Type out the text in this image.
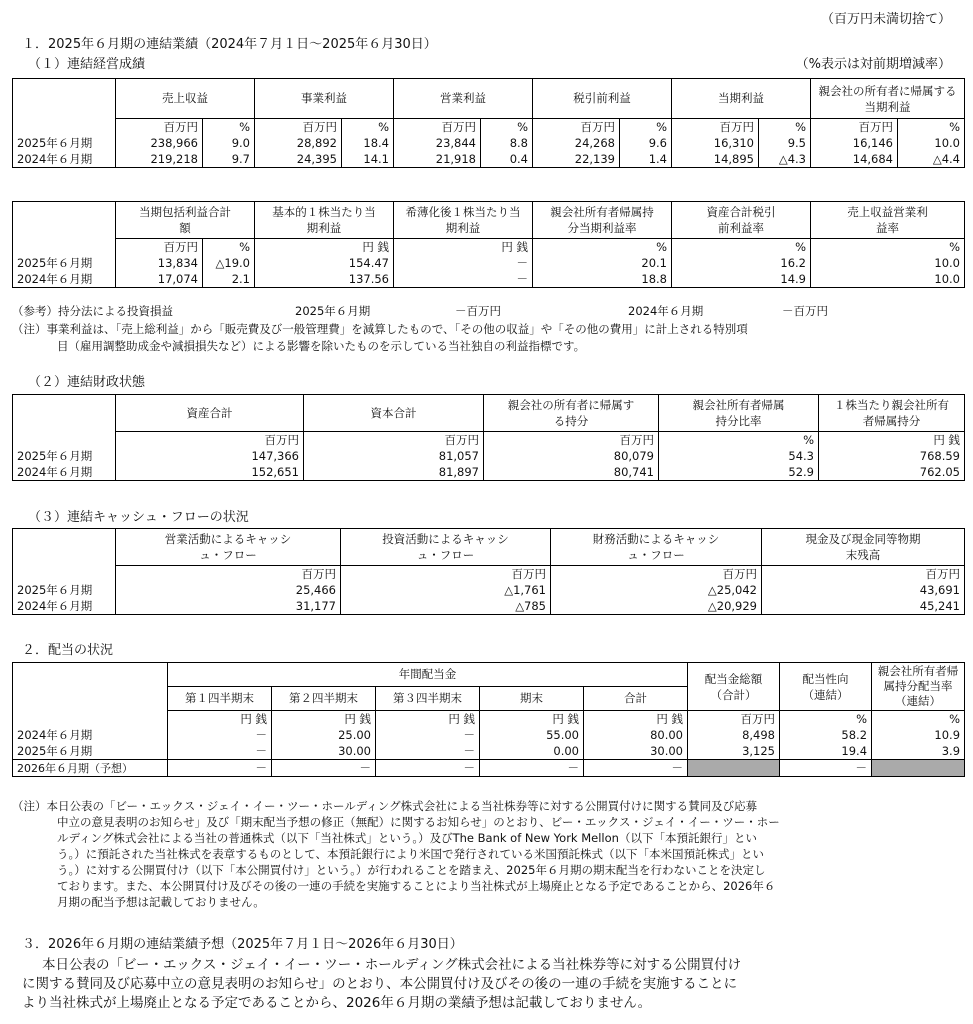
（百万円未満切捨て）
１．2025年６月期の連結業績（2024年７月１日～2025年６月30日）
（１）連結経営成績	（%表示は対前期増減率）
	売上収益		事業利益		営業利益		税引前利益		当期利益		親会社の所有者に帰属する当期利益	
	百万円	%	百万円	%	百万円	%	百万円	%	百万円	%	百万円	%
2025年６月期	238,966	9.0	28,892	18.4	23,844	8.8	24,268	9.6	16,310	9.5	16,146	10.0
2024年６月期	219,218	9.7	24,395	14.1	21,918	0.4	22,139	1.4	14,895	△4.3	14,684	△4.4
	当期包括利益合計額		基本的１株当たり当期利益	希薄化後１株当たり当期利益	親会社所有者帰属持分当期利益率	資産合計税引前利益率	売上収益営業利益率
	百万円	%	円 銭	円 銭	%	%	%
2025年６月期	13,834	△19.0	154.47	－	20.1	16.2	10.0
2024年６月期	17,074	2.1	137.56	－	18.8	14.9	10.0
（参考）持分法による投資損益	2025年６月期	－百万円	2024年６月期	－百万円
（注）事業利益は、「売上総利益」から「販売費及び一般管理費」を減算したもので、「その他の収益」や「その他の費用」に計上される特別項
目（雇用調整助成金や減損損失など）による影響を除いたものを示している当社独自の利益指標です。
（２）連結財政状態
	資産合計	資本合計	親会社の所有者に帰属する持分	親会社所有者帰属持分比率	１株当たり親会社所有者帰属持分
	百万円	百万円	百万円	%	円 銭
2025年６月期	147,366	81,057	80,079	54.3	768.59
2024年６月期	152,651	81,897	80,741	52.9	762.05
（３）連結キャッシュ・フローの状況
	営業活動によるキャッシュ・フロー	投資活動によるキャッシュ・フロー	財務活動によるキャッシュ・フロー	現金及び現金同等物期末残高
	百万円	百万円	百万円	百万円
2025年６月期	25,466	△1,761	△25,042	43,691
2024年６月期	31,177	△785	△20,929	45,241
２．配当の状況
	年間配当金					配当金総額（合計）	配当性向（連結）	親会社所有者帰属持分配当率（連結）
	第１四半期末	第２四半期末	第３四半期末	期末	合計			
	円 銭	円 銭	円 銭	円 銭	円 銭	百万円	%	%
2024年６月期	－	25.00	－	55.00	80.00	8,498	58.2	10.9
2025年６月期	－	30.00	－	0.00	30.00	3,125	19.4	3.9
2026年６月期（予想）	－	－	－	－	－		－	
（注）本日公表の「ビー・エックス・ジェイ・イー・ツー・ホールディング株式会社による当社株券等に対する公開買付けに関する賛同及び応募
中立の意見表明のお知らせ」及び「期末配当予想の修正（無配）に関するお知らせ」のとおり、ビー・エックス・ジェイ・イー・ツー・ホー
ルディング株式会社による当社の普通株式（以下「当社株式」という。）及びThe Bank of New York Mellon（以下「本預託銀行」とい
う。）に預託された当社株式を表章するものとして、本預託銀行により米国で発行されている米国預託株式（以下「本米国預託株式」とい
う。）に対する公開買付け（以下「本公開買付け」という。）が行われることを踏まえ、2025年６月期の期末配当を行わないことを決定し
ております。また、本公開買付け及びその後の一連の手続を実施することにより当社株式が上場廃止となる予定であることから、2026年６
月期の配当予想は記載しておりません。
３．2026年６月期の連結業績予想（2025年７月１日～2026年６月30日）
本日公表の「ビー・エックス・ジェイ・イー・ツー・ホールディング株式会社による当社株券等に対する公開買付け
に関する賛同及び応募中立の意見表明のお知らせ」のとおり、本公開買付け及びその後の一連の手続を実施することに
より当社株式が上場廃止となる予定であることから、2026年６月期の業績予想は記載しておりません。
